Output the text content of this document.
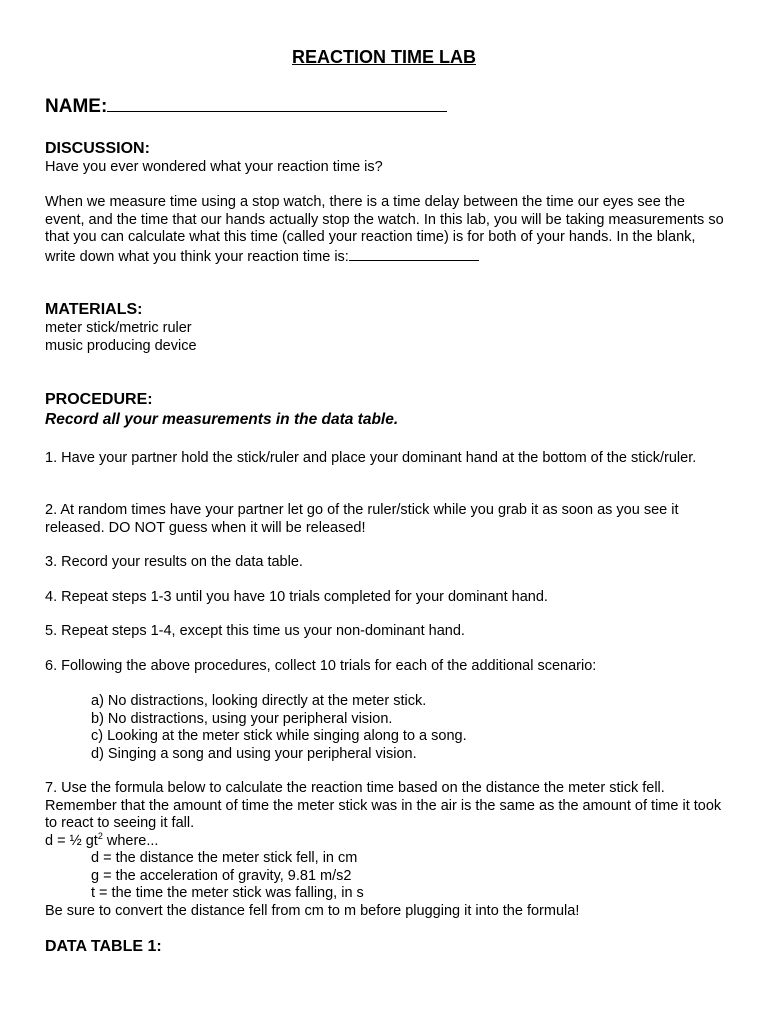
REACTION TIME LAB
NAME:
DISCUSSION:

Have you ever wondered what your reaction time is?

When we measure time using a stop watch, there is a time delay between the time our eyes see the event, and the time that our hands actually stop the watch. In this lab, you will be taking measurements so that you can calculate what this time (called your reaction time) is for both of your hands. In the blank, write down what you think your reaction time is:

MATERIALS:
meter stick/metric ruler
music producing device
PROCEDURE:
Record all your measurements in the data table.

1. Have your partner hold the stick/ruler and place your dominant hand at the bottom of the stick/ruler.

2. At random times have your partner let go of the ruler/stick while you grab it as soon as you see it released. DO NOT guess when it will be released!

3. Record your results on the data table.

4. Repeat steps 1-3 until you have 10 trials completed for your dominant hand.

5. Repeat steps 1-4, except this time us your non-dominant hand.

6. Following the above procedures, collect 10 trials for each of the additional scenario:

a) No distractions, looking directly at the meter stick.
b) No distractions, using your peripheral vision.
c) Looking at the meter stick while singing along to a song.
d) Singing a song and using your peripheral vision.

7. Use the formula below to calculate the reaction time based on the distance the meter stick fell. Remember that the amount of time the meter stick was in the air is the same as the amount of time it took to react to seeing it fall.

d = ½ $gt^2$ where...
d = the distance the meter stick fell, in cm
g = the acceleration of gravity, 9.81 m/s2
t = the time the meter stick was falling, in s

Be sure to convert the distance fell from cm to m before plugging it into the formula!

DATA TABLE 1:
